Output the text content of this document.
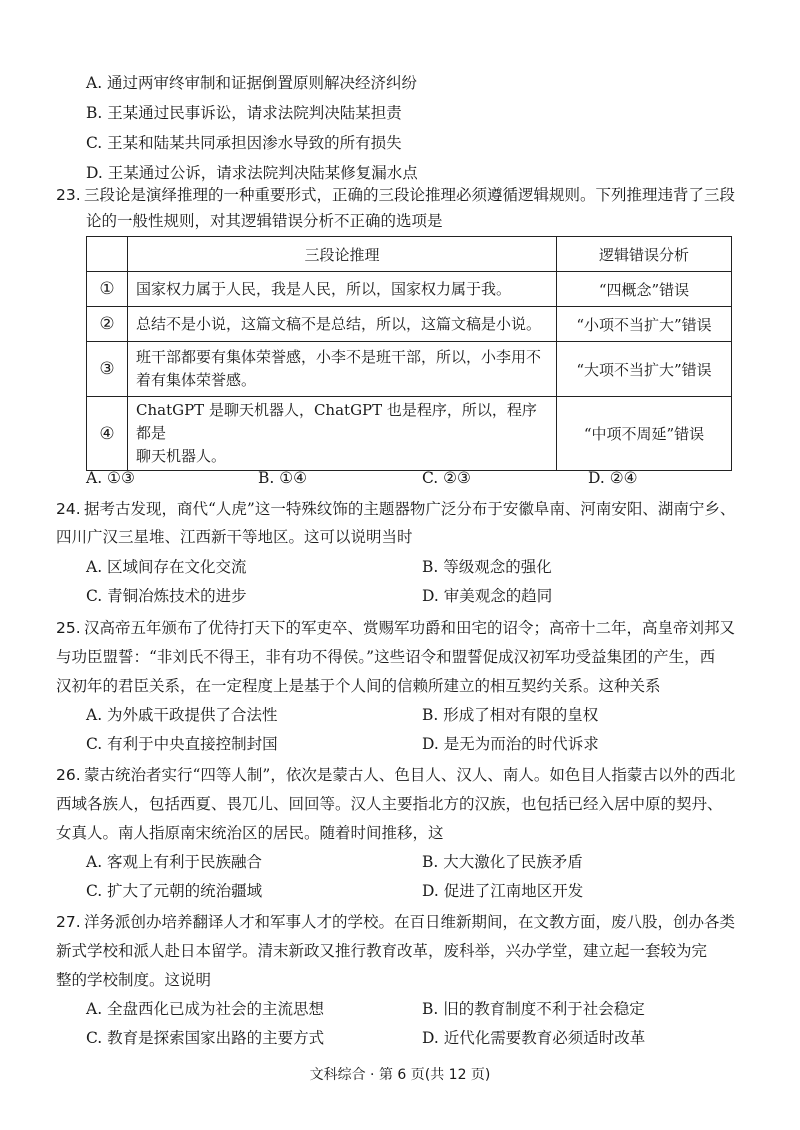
A. 通过两审终审制和证据倒置原则解决经济纠纷
B. 王某通过民事诉讼，请求法院判决陆某担责
C. 王某和陆某共同承担因渗水导致的所有损失
D. 王某通过公诉，请求法院判决陆某修复漏水点
23. 三段论是演绎推理的一种重要形式，正确的三段论推理必须遵循逻辑规则。下列推理违背了三段
论的一般性规则，对其逻辑错误分析不正确的选项是
	三段论推理	逻辑错误分析
①	国家权力属于人民，我是人民，所以，国家权力属于我。	“四概念”错误
②	总结不是小说，这篇文稿不是总结，所以，这篇文稿是小说。	“小项不当扩大”错误
③	班干部都要有集体荣誉感，小李不是班干部，所以，小李用不
着有集体荣誉感。	“大项不当扩大”错误
④	ChatGPT 是聊天机器人，ChatGPT 也是程序，所以，程序都是
聊天机器人。	“中项不周延”错误
A. ①③	B. ①④	C. ②③	D. ②④
24. 据考古发现，商代“人虎”这一特殊纹饰的主题器物广泛分布于安徽阜南、河南安阳、湖南宁乡、
四川广汉三星堆、江西新干等地区。这可以说明当时
A. 区域间存在文化交流	B. 等级观念的强化
C. 青铜冶炼技术的进步	D. 审美观念的趋同
25. 汉高帝五年颁布了优待打天下的军吏卒、赏赐军功爵和田宅的诏令；高帝十二年，高皇帝刘邦又
与功臣盟誓：“非刘氏不得王，非有功不得侯。”这些诏令和盟誓促成汉初军功受益集团的产生，西
汉初年的君臣关系，在一定程度上是基于个人间的信赖所建立的相互契约关系。这种关系
A. 为外戚干政提供了合法性	B. 形成了相对有限的皇权
C. 有利于中央直接控制封国	D. 是无为而治的时代诉求
26. 蒙古统治者实行“四等人制”，依次是蒙古人、色目人、汉人、南人。如色目人指蒙古以外的西北
西域各族人，包括西夏、畏兀儿、回回等。汉人主要指北方的汉族，也包括已经入居中原的契丹、
女真人。南人指原南宋统治区的居民。随着时间推移，这
A. 客观上有利于民族融合	B. 大大激化了民族矛盾
C. 扩大了元朝的统治疆域	D. 促进了江南地区开发
27. 洋务派创办培养翻译人才和军事人才的学校。在百日维新期间，在文教方面，废八股，创办各类
新式学校和派人赴日本留学。清末新政又推行教育改革，废科举，兴办学堂，建立起一套较为完
整的学校制度。这说明
A. 全盘西化已成为社会的主流思想	B. 旧的教育制度不利于社会稳定
C. 教育是探索国家出路的主要方式	D. 近代化需要教育必须适时改革
文科综合 · 第 6 页(共 12 页)
